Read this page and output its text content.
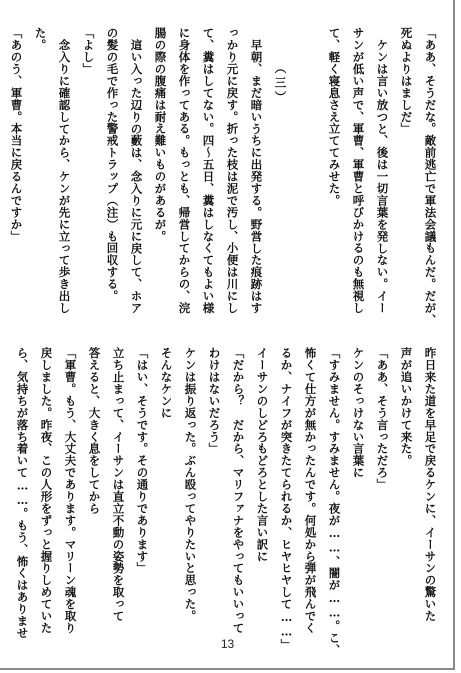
「ああ、そうだな。敵前逃亡で軍法会議もんだ。だが、
死ぬよりはましだ」
ケンは言い放つと、後は一切言葉を発しない。イー
サンが低い声で、軍曹、軍曹と呼びかけるのも無視し
て、軽く寝息さえ立ててみせた。
（三）
早朝、まだ暗いうちに出発する。野営した痕跡はす
っかり元に戻す。折った枝は泥で汚し、小便は川にし
て、糞はしてない。四～五日、糞はしなくてもよい様
に身体を作ってある。もっとも、帰営してからの、浣
腸の際の腹痛は耐え難いものがあるが。
這い入った辺りの藪は、念入りに元に戻して、ホア
の髪の毛で作った警戒トラップ（注）も回収する。
「よし」
念入りに確認してから、ケンが先に立って歩き出し
た。
「あのう、軍曹。本当に戻るんですか」
昨日来た道を早足で戻るケンに、イーサンの驚いた
声が追いかけて来た。
「ああ、そう言っただろ」
ケンのそっけない言葉に
「すみません。すみません。夜が……、闇が……。こ、
怖くて仕方が無かったんです。何処から弾が飛んでく
るか、ナイフが突きたてられるか、ヒヤヒヤして……」
イーサンのしどろもどろとした言い訳に
「だから？　だから、マリファナをやってもいいって
わけはないだろう」
ケンは振り返った。ぶん殴ってやりたいと思った。
そんなケンに
「はい、そうです。その通りであります」
立ち止まって、イーサンは直立不動の姿勢を取って
答えると、大きく息をしてから
「軍曹。もう、大丈夫であります。マリーン魂を取り
戻しました。昨夜、この人形をずっと握りしめていた
ら、気持ちが落ち着いて……。もう、怖くはありませ
13
